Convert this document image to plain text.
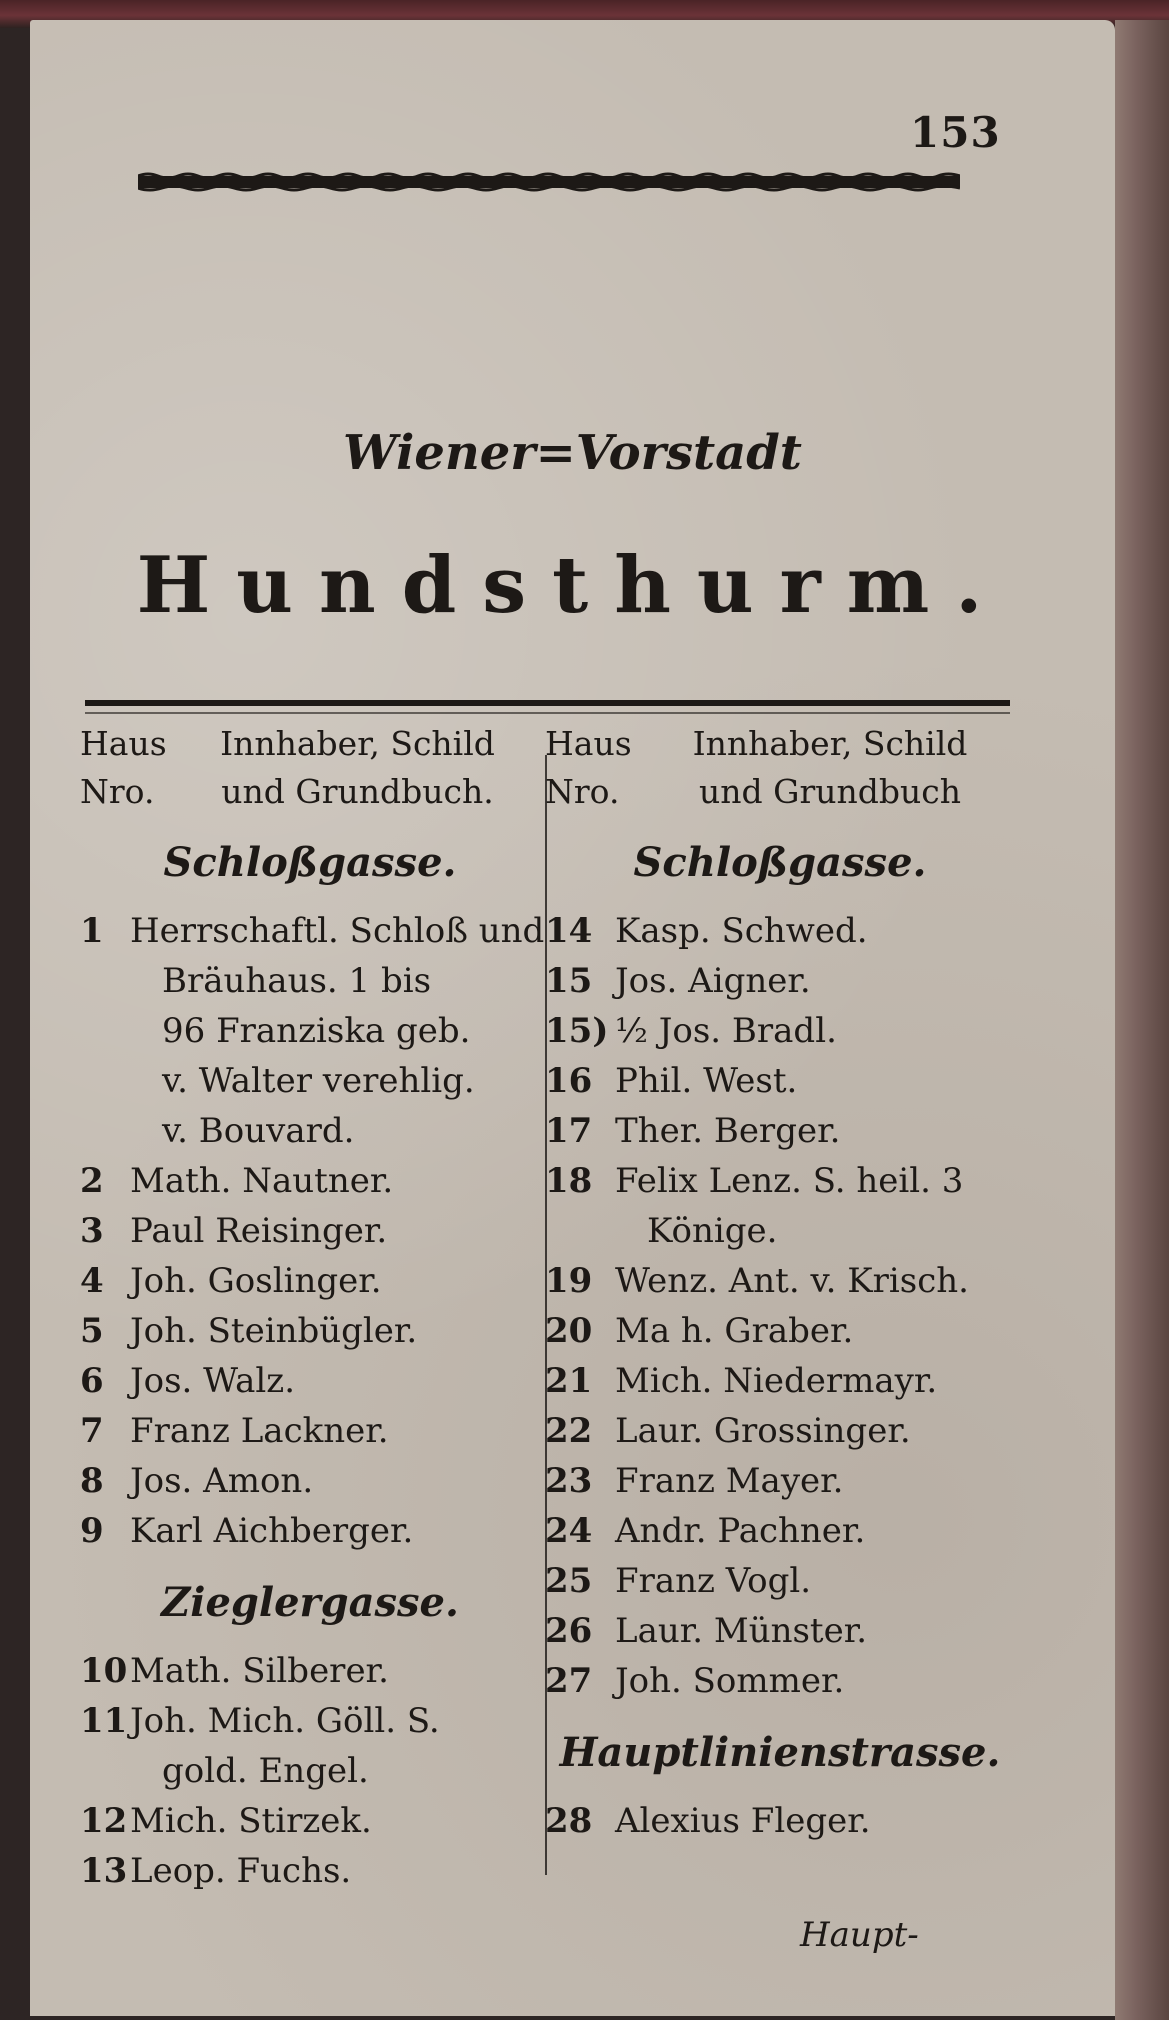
153
Wiener=Vorstadt
Hundsthurm.
Haus	Innhaber, Schild
Nro.	und Grundbuch.
Schloßgasse.
1 Herrschaftl. Schloß und
Bräuhaus. 1 bis
96 Franziska geb.
v. Walter verehlig.
v. Bouvard.
2 Math. Nautner.
3 Paul Reisinger.
4 Joh. Goslinger.
5 Joh. Steinbügler.
6 Jos. Walz.
7 Franz Lackner.
8 Jos. Amon.
9 Karl Aichberger.
Zieglergasse.
10 Math. Silberer.
11 Joh. Mich. Göll. S.
gold. Engel.
12 Mich. Stirzek.
13 Leop. Fuchs.
Haus	Innhaber, Schild
Nro.	und Grundbuch
Schloßgasse.
14 Kasp. Schwed.
15 Jos. Aigner.
15) ½ Jos. Bradl.
16 Phil. West.
17 Ther. Berger.
18 Felix Lenz. S. heil. 3
Könige.
19 Wenz. Ant. v. Krisch.
20 Ma h. Graber.
21 Mich. Niedermayr.
22 Laur. Grossinger.
23 Franz Mayer.
24 Andr. Pachner.
25 Franz Vogl.
26 Laur. Münster.
27 Joh. Sommer.
Hauptlinienstrasse.
28 Alexius Fleger.
Haupt-
